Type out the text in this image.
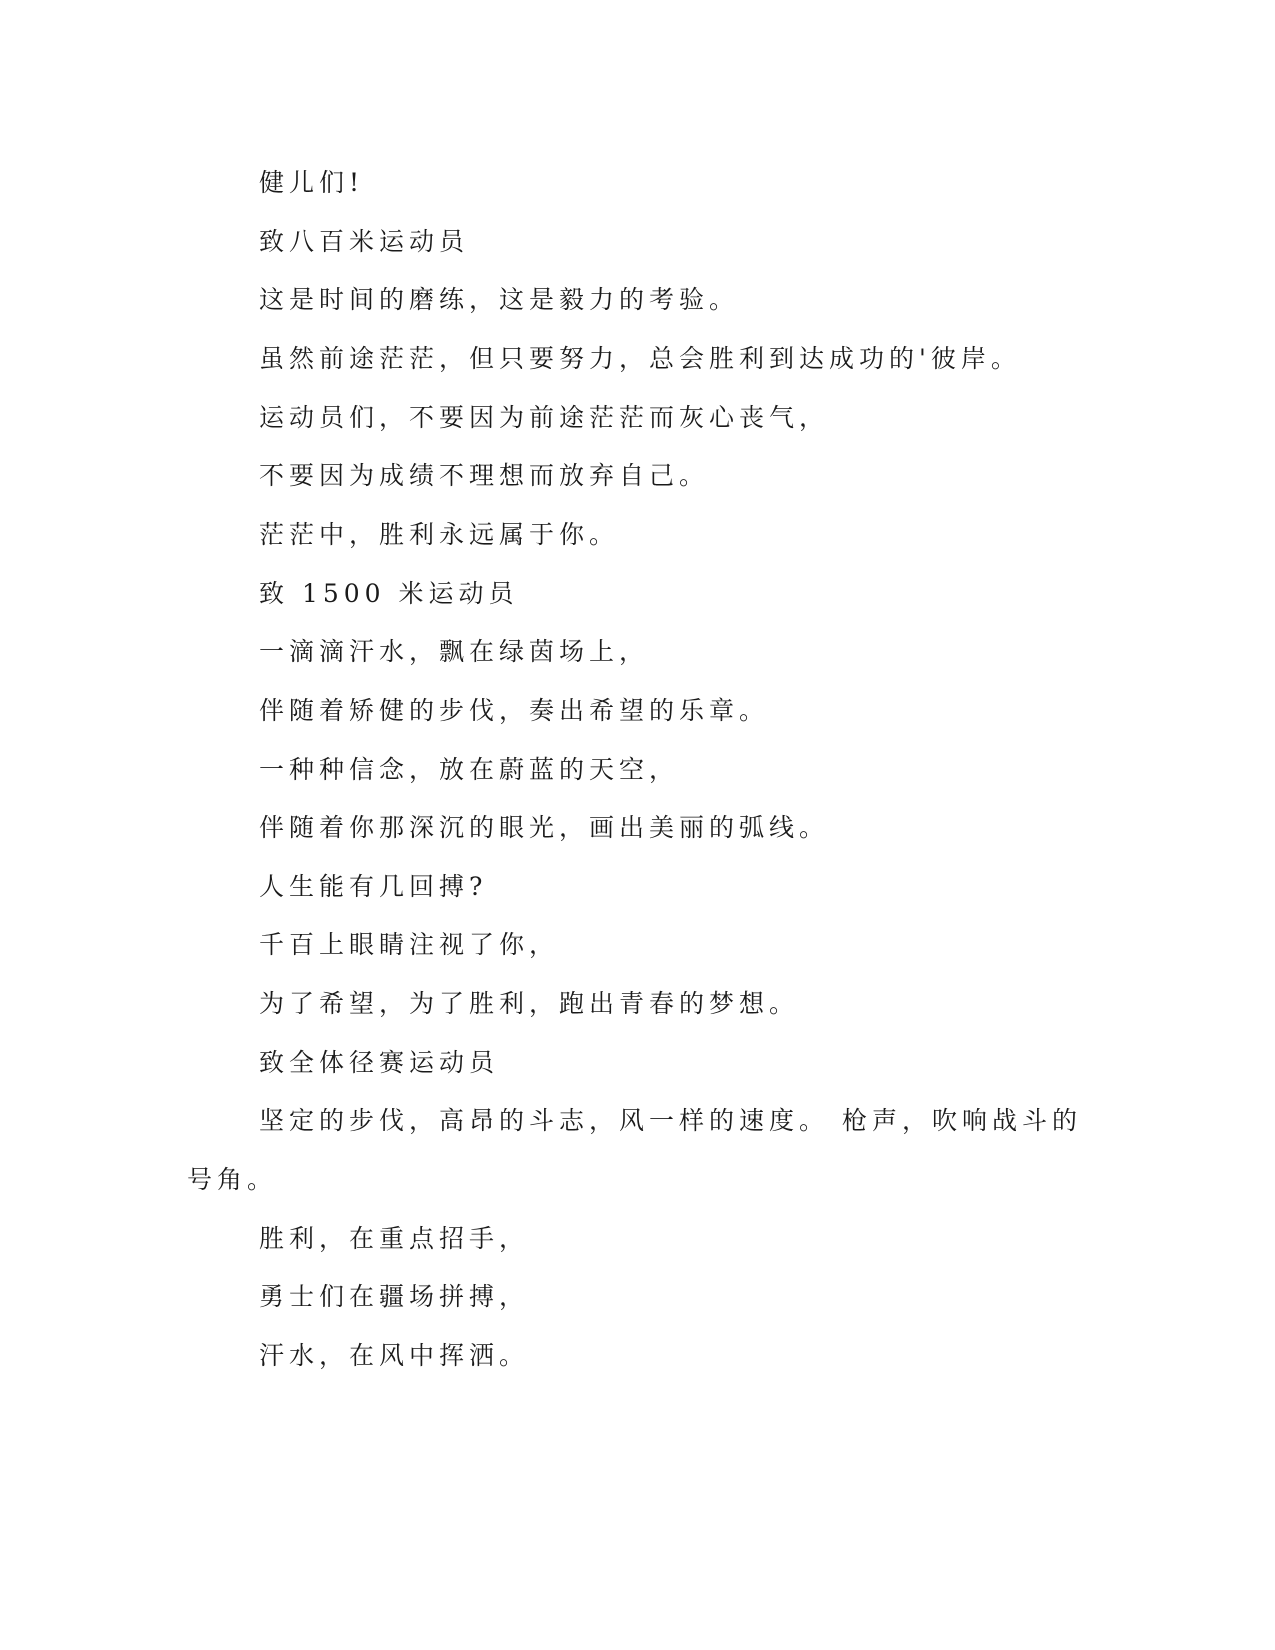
健儿们!
致八百米运动员
这是时间的磨练，这是毅力的考验。
虽然前途茫茫，但只要努力，总会胜利到达成功的'彼岸。
运动员们，不要因为前途茫茫而灰心丧气，
不要因为成绩不理想而放弃自己。
茫茫中，胜利永远属于你。
致 1500 米运动员
一滴滴汗水，飘在绿茵场上，
伴随着矫健的步伐，奏出希望的乐章。
一种种信念，放在蔚蓝的天空，
伴随着你那深沉的眼光，画出美丽的弧线。
人生能有几回搏?
千百上眼睛注视了你，
为了希望，为了胜利，跑出青春的梦想。
致全体径赛运动员
坚定的步伐，高昂的斗志，风一样的速度。 枪声，吹响战斗的
号角。
胜利，在重点招手，
勇士们在疆场拼搏，
汗水，在风中挥洒。
